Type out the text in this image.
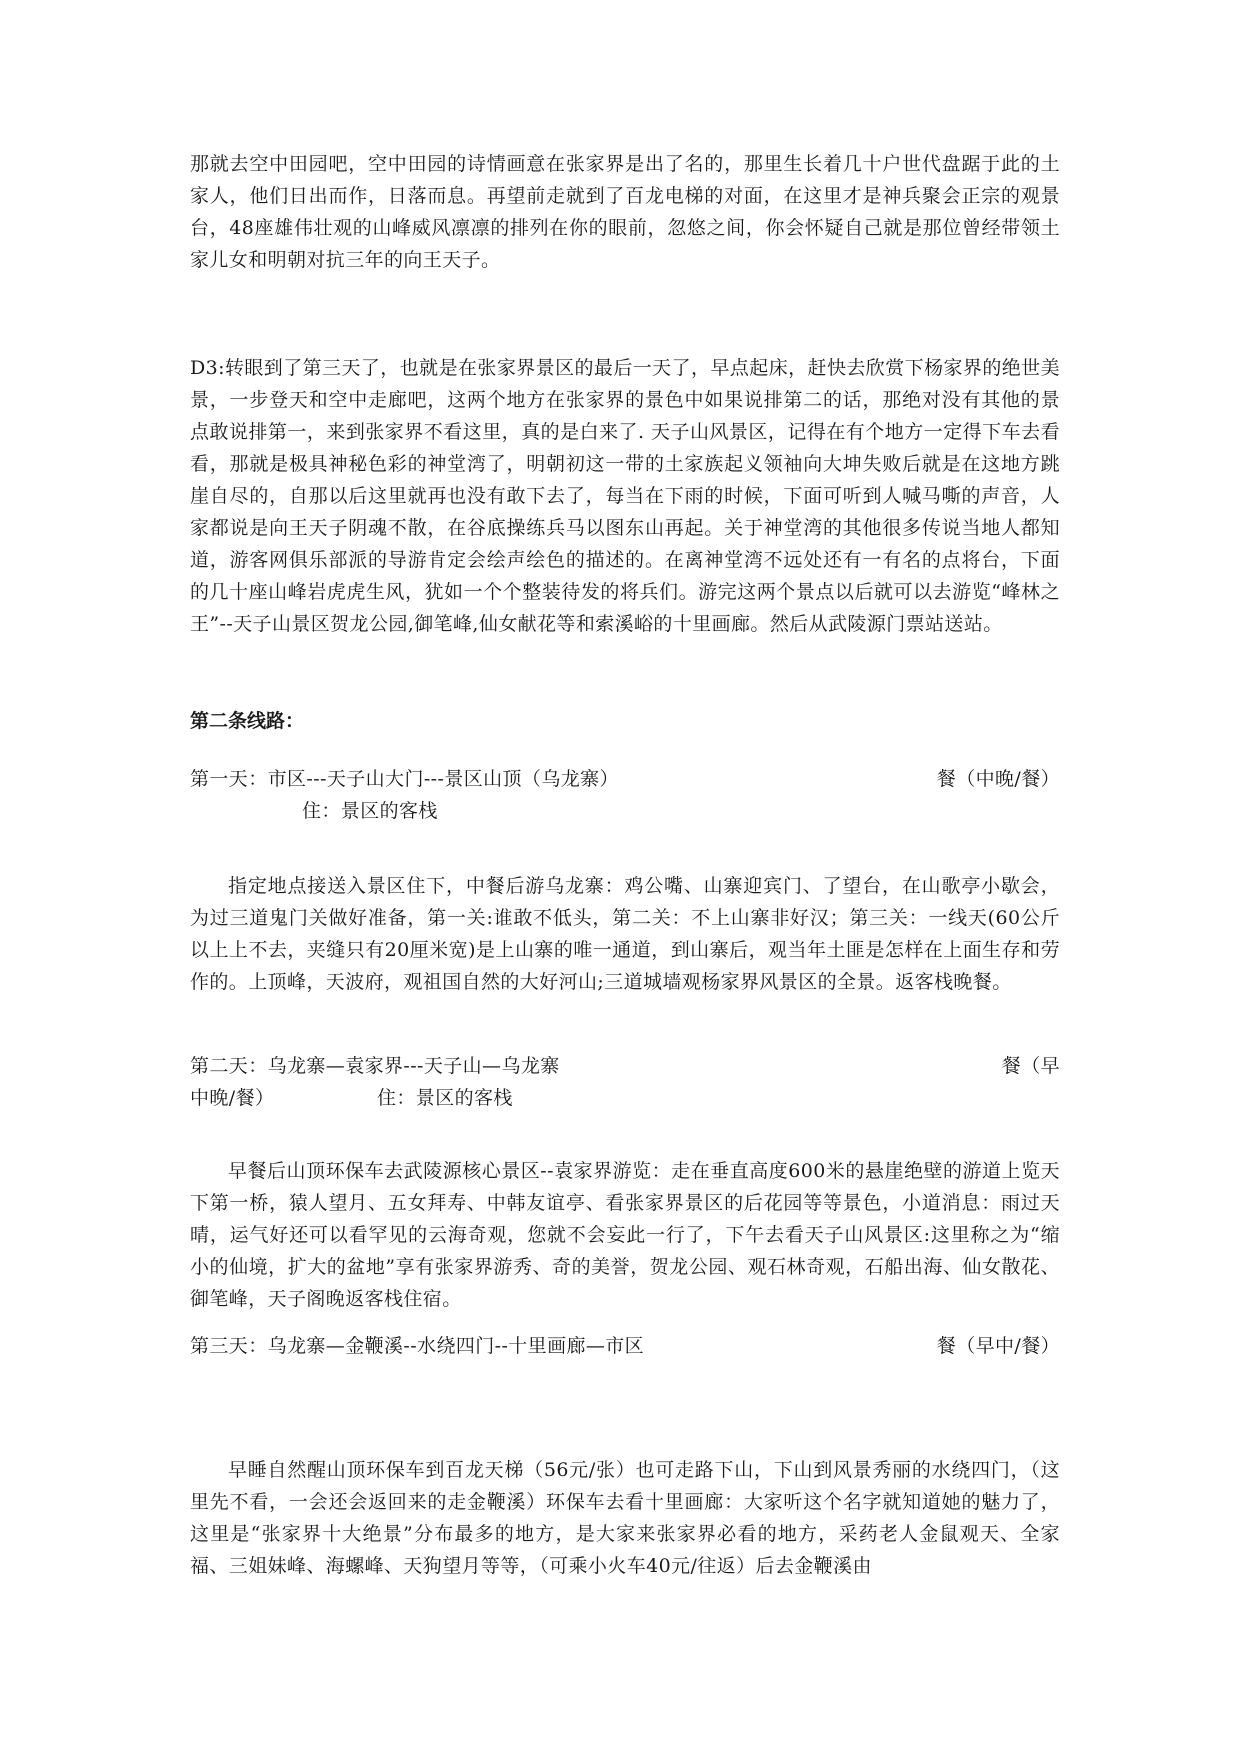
那就去空中田园吧，空中田园的诗情画意在张家界是出了名的，那里生长着几十户世代盘踞于此的土家人，他们日出而作，日落而息。再望前走就到了百龙电梯的对面，在这里才是神兵聚会正宗的观景台，48座雄伟壮观的山峰威风凛凛的排列在你的眼前，忽悠之间，你会怀疑自己就是那位曾经带领土家儿女和明朝对抗三年的向王天子。

D3:转眼到了第三天了，也就是在张家界景区的最后一天了，早点起床，赶快去欣赏下杨家界的绝世美景，一步登天和空中走廊吧，这两个地方在张家界的景色中如果说排第二的话，那绝对没有其他的景点敢说排第一，来到张家界不看这里，真的是白来了. 天子山风景区，记得在有个地方一定得下车去看看，那就是极具神秘色彩的神堂湾了，明朝初这一带的土家族起义领袖向大坤失败后就是在这地方跳崖自尽的，自那以后这里就再也没有敢下去了，每当在下雨的时候，下面可听到人喊马嘶的声音，人家都说是向王天子阴魂不散，在谷底操练兵马以图东山再起。关于神堂湾的其他很多传说当地人都知道，游客网俱乐部派的导游肯定会绘声绘色的描述的。在离神堂湾不远处还有一有名的点将台，下面的几十座山峰岩虎虎生风，犹如一个个整装待发的将兵们。游完这两个景点以后就可以去游览“峰林之王”--天子山景区贺龙公园,御笔峰,仙女献花等和索溪峪的十里画廊。然后从武陵源门票站送站。

第二条线路：

第一天：市区---天子山大门---景区山顶（乌龙寨）	餐（中晚/餐）

住：景区的客栈

指定地点接送入景区住下，中餐后游乌龙寨：鸡公嘴、山寨迎宾门、了望台，在山歌亭小歇会，为过三道鬼门关做好准备，第一关:谁敢不低头，第二关：不上山寨非好汉；第三关：一线天(60公斤以上上不去，夹缝只有20厘米宽)是上山寨的唯一通道，到山寨后，观当年土匪是怎样在上面生存和劳作的。上顶峰，天波府，观祖国自然的大好河山;三道城墙观杨家界风景区的全景。返客栈晚餐。

第二天：乌龙寨—袁家界---天子山—乌龙寨	餐（早

中晚/餐）	住：景区的客栈

早餐后山顶环保车去武陵源核心景区--袁家界游览：走在垂直高度600米的悬崖绝壁的游道上览天下第一桥，猿人望月、五女拜寿、中韩友谊亭、看张家界景区的后花园等等景色，小道消息：雨过天晴，运气好还可以看罕见的云海奇观，您就不会妄此一行了，下午去看天子山风景区:这里称之为“缩小的仙境，扩大的盆地”享有张家界游秀、奇的美誉，贺龙公园、观石林奇观，石船出海、仙女散花、御笔峰，天子阁晚返客栈住宿。

第三天：乌龙寨—金鞭溪--水绕四门--十里画廊—市区	餐（早中/餐）

早睡自然醒山顶环保车到百龙天梯（56元/张）也可走路下山，下山到风景秀丽的水绕四门，（这里先不看，一会还会返回来的走金鞭溪）环保车去看十里画廊：大家听这个名字就知道她的魅力了，这里是“张家界十大绝景”分布最多的地方，是大家来张家界必看的地方，采药老人金鼠观天、全家福、三姐妹峰、海螺峰、天狗望月等等，（可乘小火车40元/往返）后去金鞭溪由
